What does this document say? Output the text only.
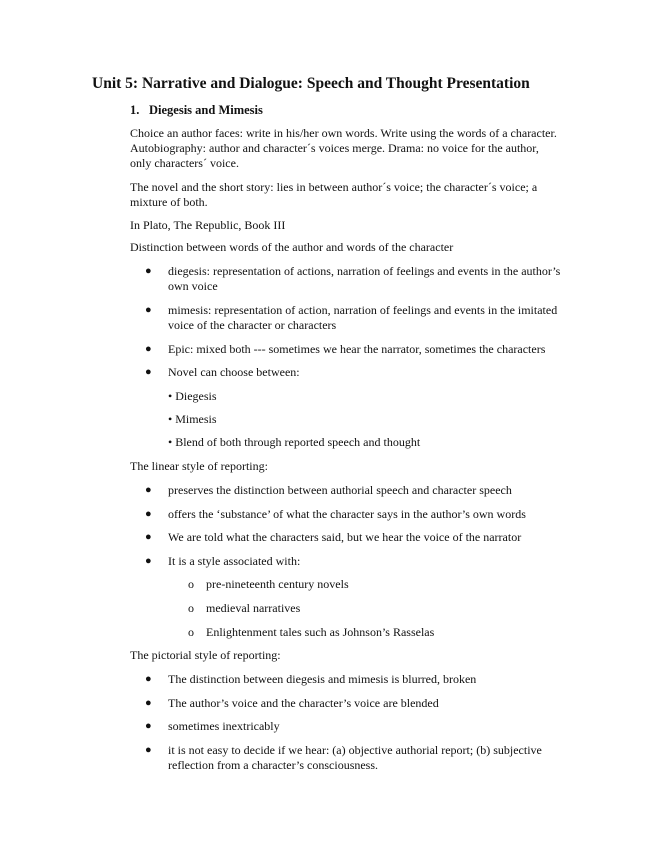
Unit 5: Narrative and Dialogue: Speech and Thought Presentation
1. Diegesis and Mimesis
Choice an author faces: write in his/her own words. Write using the words of a character. Autobiography: author and character´s voices merge. Drama: no voice for the author, only characters´ voice.
The novel and the short story: lies in between author´s voice; the character´s voice; a mixture of both.
In Plato, The Republic, Book III
Distinction between words of the author and words of the character
● diegesis: representation of actions, narration of feelings and events in the author’s own voice
● mimesis: representation of action, narration of feelings and events in the imitated voice of the character or characters
● Epic: mixed both --- sometimes we hear the narrator, sometimes the characters
● Novel can choose between:
• Diegesis
• Mimesis
• Blend of both through reported speech and thought
The linear style of reporting:
● preserves the distinction between authorial speech and character speech
● offers the ‘substance’ of what the character says in the author’s own words
● We are told what the characters said, but we hear the voice of the narrator
● It is a style associated with:
o pre-nineteenth century novels
o medieval narratives
o Enlightenment tales such as Johnson’s Rasselas
The pictorial style of reporting:
● The distinction between diegesis and mimesis is blurred, broken
● The author’s voice and the character’s voice are blended
● sometimes inextricably
● it is not easy to decide if we hear: (a) objective authorial report; (b) subjective reflection from a character’s consciousness.
